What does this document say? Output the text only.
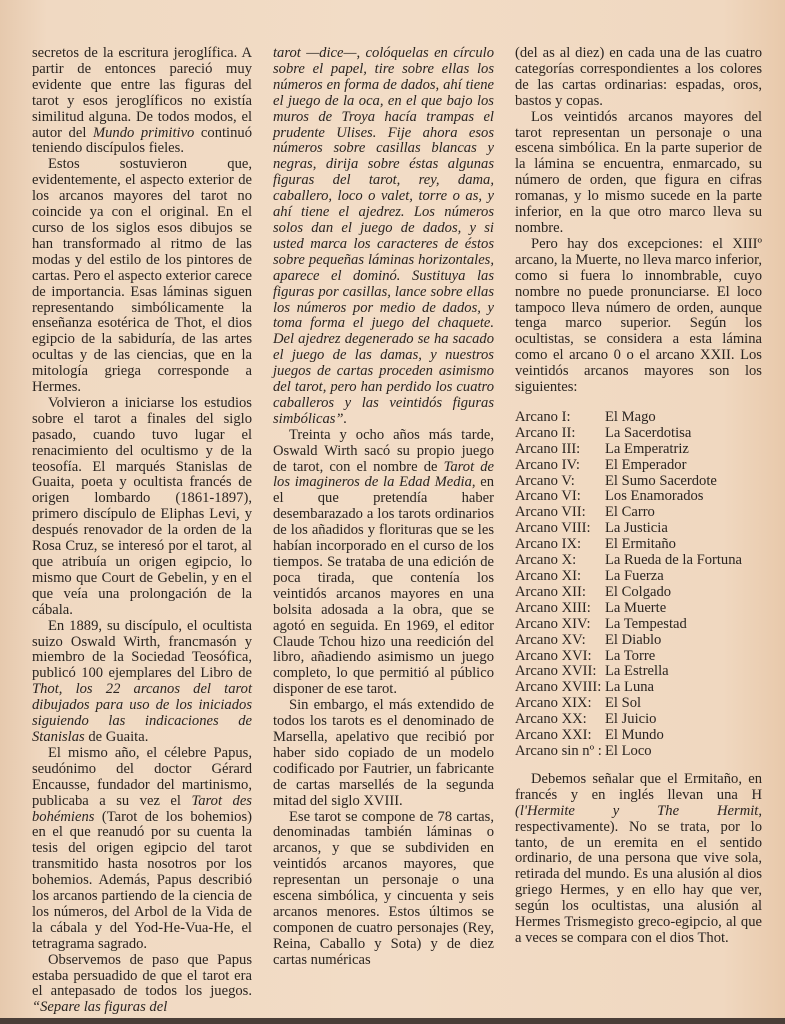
secretos de la escritura jeroglífica. A partir de entonces pareció muy evidente que entre las figuras del tarot y esos jeroglíficos no existía similitud alguna. De todos modos, el autor del Mundo primitivo continuó teniendo discípulos fieles.

Estos sostuvieron que, evidentemente, el aspecto exterior de los arcanos mayores del tarot no coincide ya con el original. En el curso de los siglos esos dibujos se han transformado al ritmo de las modas y del estilo de los pintores de cartas. Pero el aspecto exterior carece de importancia. Esas láminas siguen representando simbólicamente la enseñanza esotérica de Thot, el dios egipcio de la sabiduría, de las artes ocultas y de las ciencias, que en la mitología griega corresponde a Hermes.

Volvieron a iniciarse los estudios sobre el tarot a finales del siglo pasado, cuando tuvo lugar el renacimiento del ocultismo y de la teosofía. El marqués Stanislas de Guaita, poeta y ocultista francés de origen lombardo (1861-1897), primero discípulo de Eliphas Levi, y después renovador de la orden de la Rosa Cruz, se interesó por el tarot, al que atribuía un origen egipcio, lo mismo que Court de Gebelin, y en el que veía una prolongación de la cábala.

En 1889, su discípulo, el ocultista suizo Oswald Wirth, francmasón y miembro de la Sociedad Teosófica, publicó 100 ejemplares del Libro de Thot, los 22 arcanos del tarot dibujados para uso de los iniciados siguiendo las indicaciones de Stanislas de Guaita.

El mismo año, el célebre Papus, seudónimo del doctor Gérard Encausse, fundador del martinismo, publicaba a su vez el Tarot des bohémiens (Tarot de los bohemios) en el que reanudó por su cuenta la tesis del origen egipcio del tarot transmitido hasta nosotros por los bohemios. Además, Papus describió los arcanos partiendo de la ciencia de los números, del Arbol de la Vida de la cábala y del Yod-He-Vua-He, el tetragrama sagrado.

Observemos de paso que Papus estaba persuadido de que el tarot era el antepasado de todos los juegos. “Separe las figuras del

tarot —dice—, colóquelas en círculo sobre el papel, tire sobre ellas los números en forma de dados, ahí tiene el juego de la oca, en el que bajo los muros de Troya hacía trampas el prudente Ulises. Fije ahora esos números sobre casillas blancas y negras, dirija sobre éstas algunas figuras del tarot, rey, dama, caballero, loco o valet, torre o as, y ahí tiene el ajedrez. Los números solos dan el juego de dados, y si usted marca los caracteres de éstos sobre pequeñas láminas horizontales, aparece el dominó. Sustituya las figuras por casillas, lance sobre ellas los números por medio de dados, y toma forma el juego del chaquete. Del ajedrez degenerado se ha sacado el juego de las damas, y nuestros juegos de cartas proceden asimismo del tarot, pero han perdido los cuatro caballeros y las veintidós figuras simbólicas”.

Treinta y ocho años más tarde, Oswald Wirth sacó su propio juego de tarot, con el nombre de Tarot de los imagineros de la Edad Media, en el que pretendía haber desembarazado a los tarots ordinarios de los añadidos y florituras que se les habían incorporado en el curso de los tiempos. Se trataba de una edición de poca tirada, que contenía los veintidós arcanos mayores en una bolsita adosada a la obra, que se agotó en seguida. En 1969, el editor Claude Tchou hizo una reedición del libro, añadiendo asimismo un juego completo, lo que permitió al público disponer de ese tarot.

Sin embargo, el más extendido de todos los tarots es el denominado de Marsella, apelativo que recibió por haber sido copiado de un modelo codificado por Fautrier, un fabricante de cartas marsellés de la segunda mitad del siglo XVIII.

Ese tarot se compone de 78 cartas, denominadas también láminas o arcanos, y que se subdividen en veintidós arcanos mayores, que representan un personaje o una escena simbólica, y cincuenta y seis arcanos menores. Estos últimos se componen de cuatro personajes (Rey, Reina, Caballo y Sota) y de diez cartas numéricas

(del as al diez) en cada una de las cuatro categorías correspondientes a los colores de las cartas ordinarias: espadas, oros, bastos y copas.

Los veintidós arcanos mayores del tarot representan un personaje o una escena simbólica. En la parte superior de la lámina se encuentra, enmarcado, su número de orden, que figura en cifras romanas, y lo mismo sucede en la parte inferior, en la que otro marco lleva su nombre.

Pero hay dos excepciones: el XIIIº arcano, la Muerte, no lleva marco inferior, como si fuera lo innombrable, cuyo nombre no puede pronunciarse. El loco tampoco lleva número de orden, aunque tenga marco superior. Según los ocultistas, se considera a esta lámina como el arcano 0 o el arcano XXII. Los veintidós arcanos mayores son los siguientes:

Arcano I:	El Mago
Arcano II:	La Sacerdotisa
Arcano III:	La Emperatriz
Arcano IV:	El Emperador
Arcano V:	El Sumo Sacerdote
Arcano VI:	Los Enamorados
Arcano VII:	El Carro
Arcano VIII: La Justicia
Arcano IX:	El Ermitaño
Arcano X:	La Rueda de la Fortuna
Arcano XI:	La Fuerza
Arcano XII:	El Colgado
Arcano XIII: La Muerte
Arcano XIV: La Tempestad
Arcano XV:	El Diablo
Arcano XVI: La Torre
Arcano XVII: La Estrella
Arcano XVIII: La Luna
Arcano XIX: El Sol
Arcano XX:	El Juicio
Arcano XXI: El Mundo
Arcano sin nº : El Loco

Debemos señalar que el Ermitaño, en francés y en inglés llevan una H (l'Hermite y The Hermit, respectivamente). No se trata, por lo tanto, de un eremita en el sentido ordinario, de una persona que vive sola, retirada del mundo. Es una alusión al dios griego Hermes, y en ello hay que ver, según los ocultistas, una alusión al Hermes Trismegisto greco-egipcio, al que a veces se compara con el dios Thot.
